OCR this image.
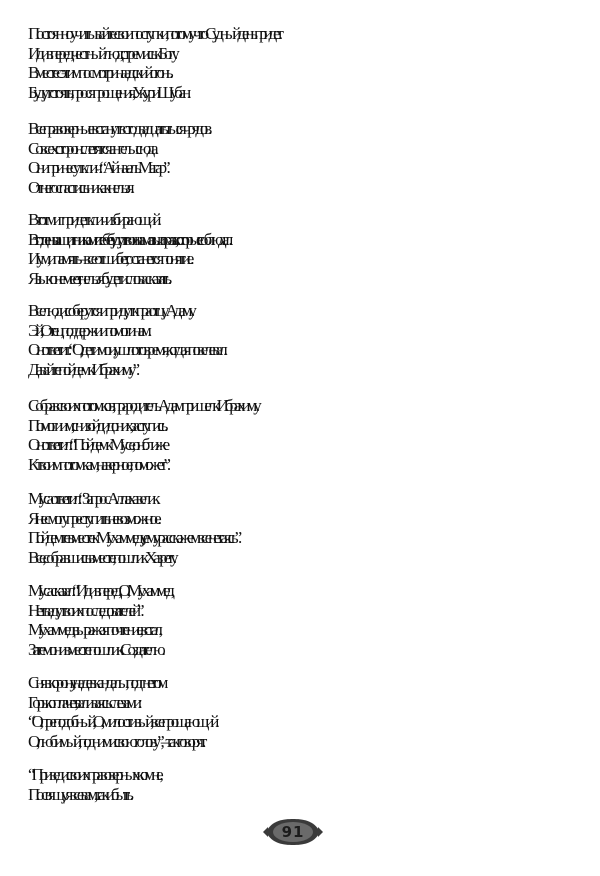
Постоянно учитывайте свои поступки, потому что Судный день придет.
Иди вперед, честный люд, стремись к Богу.
Вместе с этим посмотри на адский огонь.
Будут стоять, прося прощения, Укур и Шубан.
Все правоверные встанут в сто двадцать тысяч рядов.
Со всех сторон слетятся ангелы сюда.
Они принесут клич: “Айна-аль Магар”.
От него спастись никак нельзя.
В тот миг придет клич избирающий.
В тот день защитниками тебе будут твои намазы и ораза, которые соблюдал.
И ум, и память – все отшибет, останется понятие.
Язык онемеет, нельзя будет и слова сказать.
Все люди соберутся и придут к праотцу Адаму.
Эй, Отец, поддержи и помоги нам.
Он ответит: “О, дети мои, ушло то время, когда я повелевал.
Давайте пойдем к Ибрахиму”.
Собрав своих потомков, прародитель Адам пришел к Ибрахиму.
Помоги им, снизойди до них, заступись.
Он ответил: “Пойдем к Мусе, он ближе
К твоим потомкам, наверное, поможет”.
Муса ответил: “Запрос Аллаха велик.
Я не смогу преступить невозможное.
Пойдемте вместе к Мухаммеду, ему расскажем все не таясь”.
Все, собравшись вместе, пошли к Хазрету.
Муса сказал: “Иди вперед, О, Мухаммед,
Нет в аду твоих последователей”.
Мухаммед, выражая почтение, встал,
Затем они вместе пошли к Создателю.
Сняв корону, надев кандалы, под гнетом
Горько плачет, заливаясь слезами:
“О, преподобный, О, милостивый, всепрощающий.
О, любимый, подними свою голову”, – так говорят.
“Приведи своих правоверных ко мне,
Посвящу я все вам, так и быть.
91
